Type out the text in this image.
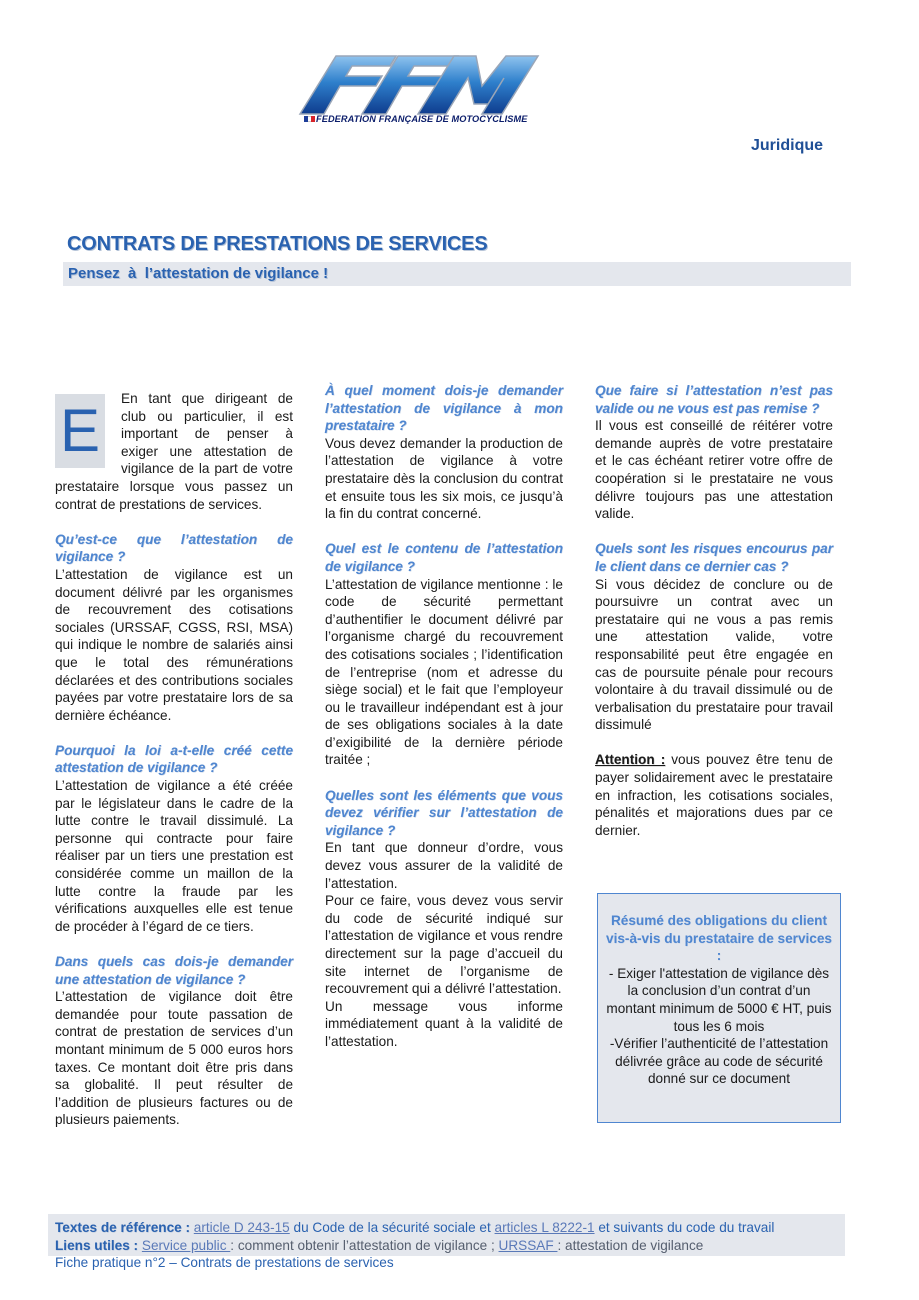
FEDERATION FRANÇAISE DE MOTOCYCLISME
Juridique
CONTRATS DE PRESTATIONS DE SERVICES
Pensez  à  l’attestation de vigilance !
E	En tant que dirigeant de club ou particulier, il est important de penser à exiger une attestation de vigilance de la part de votre prestataire lorsque vous passez un contrat de prestations de services.

Qu’est-ce que l’attestation de vigilance ?

L’attestation de vigilance est un document délivré par les organismes de recouvrement des cotisations sociales (URSSAF, CGSS, RSI, MSA) qui indique le nombre de salariés ainsi que le total des rémunérations déclarées et des contributions sociales payées par votre prestataire lors de sa dernière échéance.

Pourquoi la loi a-t-elle créé cette attestation de vigilance ?

L’attestation de vigilance a été créée par le législateur dans le cadre de la lutte contre le travail dissimulé. La personne qui contracte pour faire réaliser par un tiers une prestation est considérée comme un maillon de la lutte contre la fraude par les vérifications auxquelles elle est tenue de procéder à l’égard de ce tiers.

Dans quels cas dois-je demander une attestation de vigilance ?

L’attestation de vigilance doit être demandée pour toute passation de contrat de prestation de services d’un montant minimum de 5 000 euros hors taxes. Ce montant doit être pris dans sa globalité. Il peut résulter de l’addition de plusieurs factures ou de plusieurs paiements.

À quel moment dois-je demander l’attestation de vigilance à mon prestataire ?

Vous devez demander la production de l’attestation de vigilance à votre prestataire dès la conclusion du contrat et ensuite tous les six mois, ce jusqu’à la fin du contrat concerné.

Quel est le contenu de l’attestation de vigilance ?

L’attestation de vigilance mentionne : le code de sécurité permettant d’authentifier le document délivré par l’organisme chargé du recouvrement des cotisations sociales ; l’identification de l’entreprise (nom et adresse du siège social) et le fait que l’employeur ou le travailleur indépendant est à jour de ses obligations sociales à la date d’exigibilité de la dernière période traitée ;

Quelles sont les éléments que vous devez vérifier sur l’attestation de vigilance ?

En tant que donneur d’ordre, vous devez vous assurer de la validité de l’attestation.

Pour ce faire, vous devez vous servir du code de sécurité indiqué sur l’attestation de vigilance et vous rendre directement sur la page d’accueil du site internet de l’organisme de recouvrement qui a délivré l’attestation.

Un message vous informe immédiatement quant à la validité de l’attestation.

Que faire si l’attestation n’est pas valide ou ne vous est pas remise ?

Il vous est conseillé de réitérer votre demande auprès de votre prestataire et le cas échéant retirer votre offre de coopération si le prestataire ne vous délivre toujours pas une attestation valide.

Quels sont les risques encourus par le client dans ce dernier cas ?

Si vous décidez de conclure ou de poursuivre un contrat avec un prestataire qui ne vous a pas remis une attestation valide, votre responsabilité peut être engagée en cas de poursuite pénale pour recours volontaire à du travail dissimulé ou de verbalisation du prestataire pour travail dissimulé

Attention : vous pouvez être tenu de payer solidairement avec le prestataire en infraction, les cotisations sociales, pénalités et majorations dues par ce dernier.

Résumé des obligations du client vis-à-vis du prestataire de services :

- Exiger l'attestation de vigilance dès la conclusion d’un contrat d’un montant minimum de 5000 € HT, puis tous les 6 mois

-Vérifier l’authenticité de l’attestation délivrée grâce au code de sécurité donné sur ce document

Textes de référence : article D 243-15 du Code de la sécurité sociale et articles L 8222-1 et suivants du code du travail
Liens utiles : Service public : comment obtenir l’attestation de vigilance ; URSSAF : attestation de vigilance
Fiche pratique n°2 – Contrats de prestations de services
